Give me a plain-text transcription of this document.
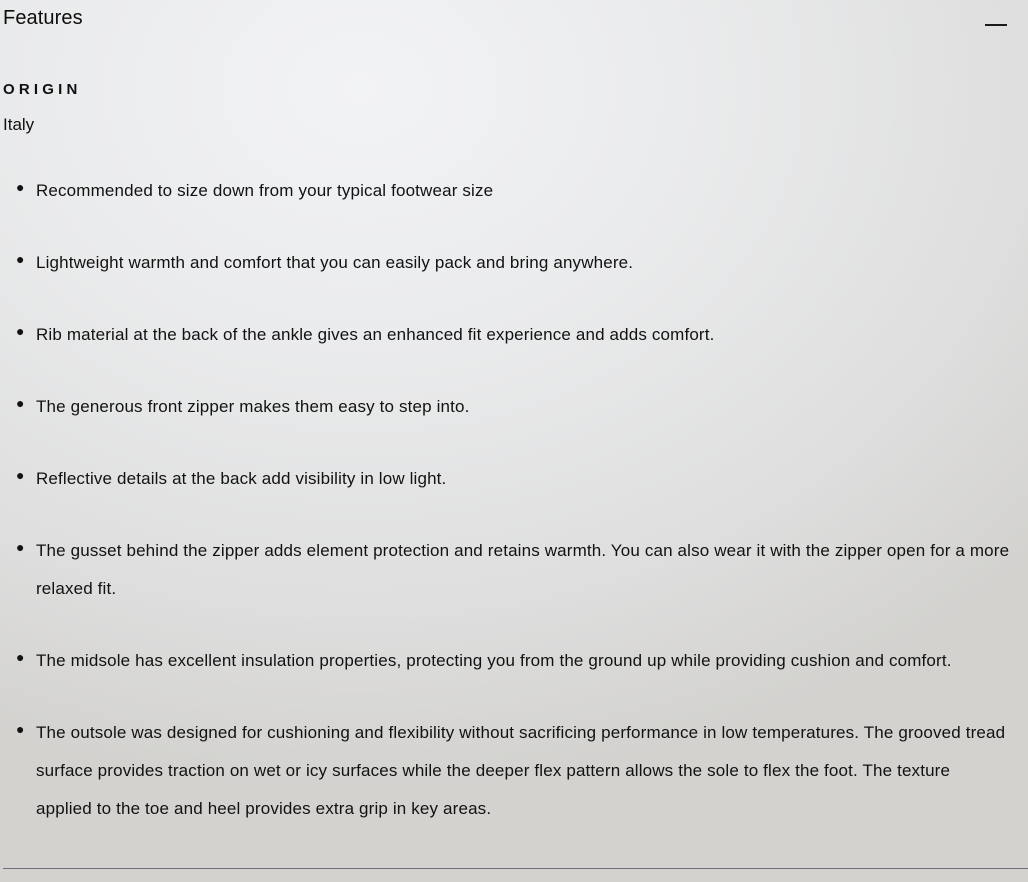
Features
ORIGIN
Italy
● Recommended to size down from your typical footwear size
● Lightweight warmth and comfort that you can easily pack and bring anywhere.
● Rib material at the back of the ankle gives an enhanced fit experience and adds comfort.
● The generous front zipper makes them easy to step into.
● Reflective details at the back add visibility in low light.
● The gusset behind the zipper adds element protection and retains warmth. You can also wear it with the zipper open for a more relaxed fit.
● The midsole has excellent insulation properties, protecting you from the ground up while providing cushion and comfort.
● The outsole was designed for cushioning and flexibility without sacrificing performance in low temperatures. The grooved tread surface provides traction on wet or icy surfaces while the deeper flex pattern allows the sole to flex the foot. The texture applied to the toe and heel provides extra grip in key areas.
